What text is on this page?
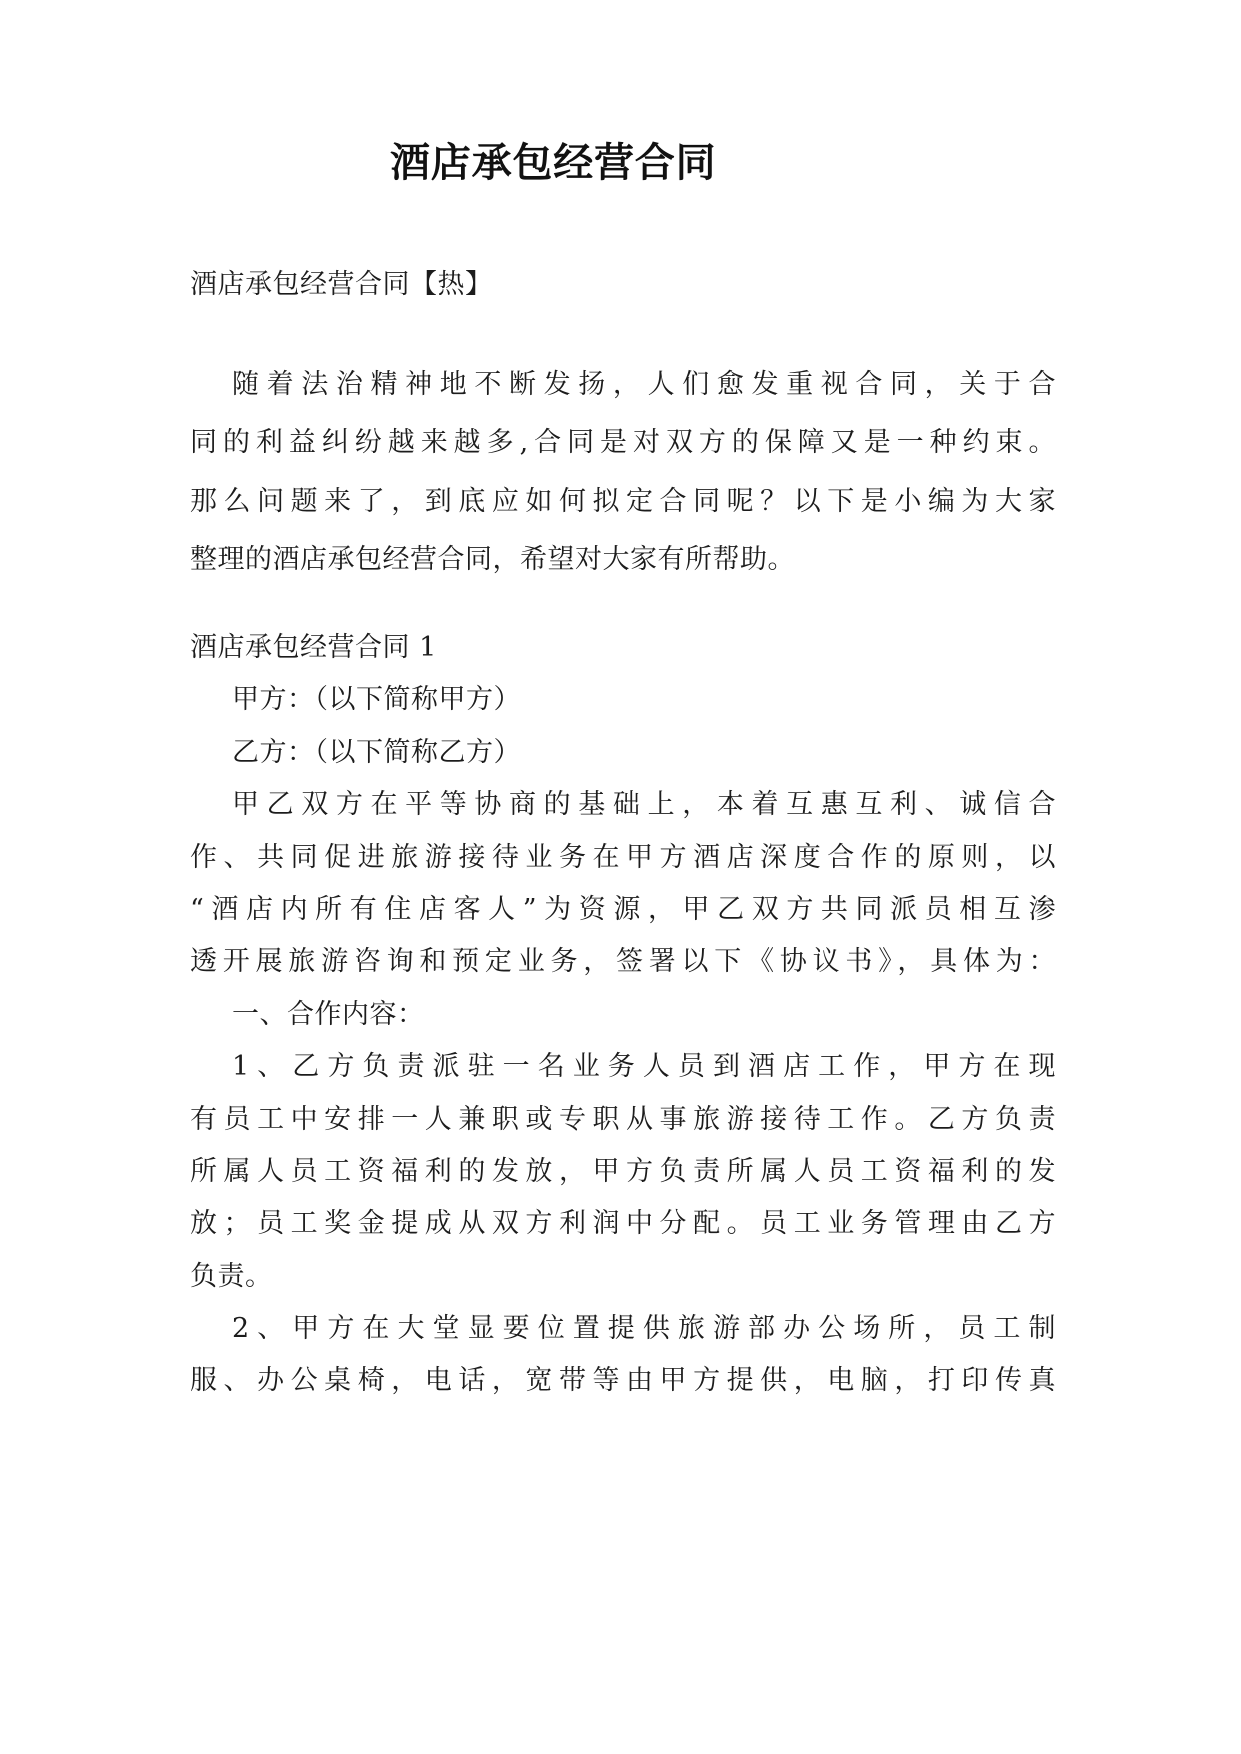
酒店承包经营合同
酒店承包经营合同【热】
随着法治精神地不断发扬，人们愈发重视合同，关于合
同的利益纠纷越来越多,合同是对双方的保障又是一种约束。
那么问题来了，到底应如何拟定合同呢？以下是小编为大家
整理的酒店承包经营合同，希望对大家有所帮助。
酒店承包经营合同 1
甲方：（以下简称甲方）
乙方：（以下简称乙方）
甲乙双方在平等协商的基础上，本着互惠互利、诚信合
作、共同促进旅游接待业务在甲方酒店深度合作的原则，以
“酒店内所有住店客人”为资源，甲乙双方共同派员相互渗
透开展旅游咨询和预定业务，签署以下《协议书》，具体为：
一、合作内容：
1、乙方负责派驻一名业务人员到酒店工作，甲方在现
有员工中安排一人兼职或专职从事旅游接待工作。乙方负责
所属人员工资福利的发放，甲方负责所属人员工资福利的发
放；员工奖金提成从双方利润中分配。员工业务管理由乙方
负责。
2、甲方在大堂显要位置提供旅游部办公场所，员工制
服、办公桌椅，电话，宽带等由甲方提供，电脑，打印传真
